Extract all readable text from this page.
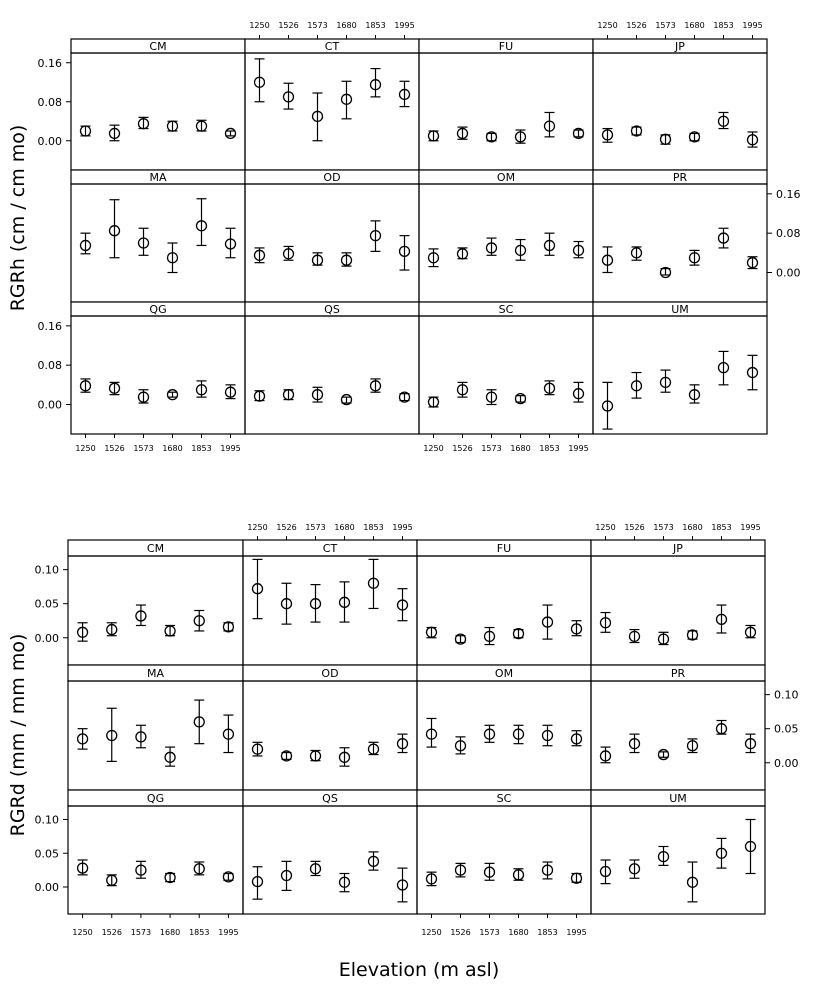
RGRh (cm / cm mo)
RGRd (mm / mm mo)
Elevation (m asl)
CM
0.00
0.08
0.16
CT
1250 1526 1573 1680 1853 1995
FU	JP
1250 1526 1573 1680 1853 1995
MA	OD	OM	PR
0.00
0.08
0.16
QG
0.00
0.08
0.16
1250 1526 1573 1680 1853 1995
QS	SC
1250 1526 1573 1680 1853 1995
UM
CM
0.00
0.05
0.10
CT
1250 1526 1573 1680 1853 1995
FU	JP
1250 1526 1573 1680 1853 1995
MA	OD	OM	PR
0.00
0.05
0.10
QG
0.00
0.05
0.10
1250 1526 1573 1680 1853 1995
QS	SC
1250 1526 1573 1680 1853 1995
UM
